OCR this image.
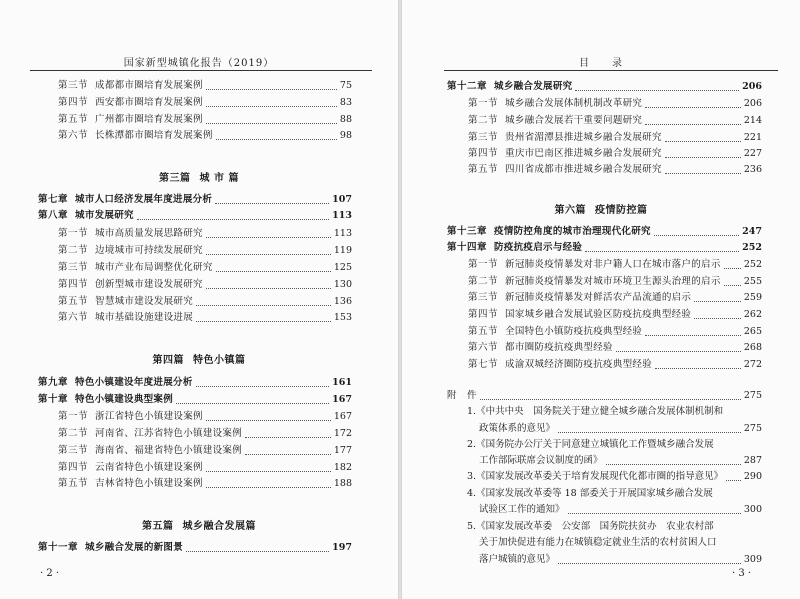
国家新型城镇化报告（2019）
第三节 成都都市圈培育发展案例	75
第四节 西安都市圈培育发展案例	83
第五节 广州都市圈培育发展案例	88
第六节 长株潭都市圈培育发展案例	98
第三篇 城 市 篇
第七章 城市人口经济发展年度进展分析	107
第八章 城市发展研究	113
第一节 城市高质量发展思路研究	113
第二节 边境城市可持续发展研究	119
第三节 城市产业布局调整优化研究	125
第四节 创新型城市建设发展研究	130
第五节 智慧城市建设发展研究	136
第六节 城市基础设施建设进展	153
第四篇 特色小镇篇
第九章 特色小镇建设年度进展分析	161
第十章 特色小镇建设典型案例	167
第一节 浙江省特色小镇建设案例	167
第二节 河南省、江苏省特色小镇建设案例	172
第三节 海南省、福建省特色小镇建设案例	177
第四节 云南省特色小镇建设案例	182
第五节 吉林省特色小镇建设案例	188
第五篇 城乡融合发展篇
第十一章 城乡融合发展的新图景	197
· 2 ·
目　　录
第十二章 城乡融合发展研究	206
第一节 城乡融合发展体制机制改革研究	206
第二节 城乡融合发展若干重要问题研究	214
第三节 贵州省湄潭县推进城乡融合发展研究	221
第四节 重庆市巴南区推进城乡融合发展研究	227
第五节 四川省成都市推进城乡融合发展研究	236
第六篇 疫情防控篇
第十三章 疫情防控角度的城市治理现代化研究	247
第十四章 防疫抗疫启示与经验	252
第一节 新冠肺炎疫情暴发对非户籍人口在城市落户的启示 252
第二节 新冠肺炎疫情暴发对城市环境卫生源头治理的启示 255
第三节 新冠肺炎疫情暴发对鲜活农产品流通的启示	259
第四节 国家城乡融合发展试验区防疫抗疫典型经验	262
第五节 全国特色小镇防疫抗疫典型经验	265
第六节 都市圈防疫抗疫典型经验	268
第七节 成渝双城经济圈防疫抗疫典型经验	272
附　件	275
1.《中共中央　国务院关于建立健全城乡融合发展体制机制和
政策体系的意见》	275
2.《国务院办公厅关于同意建立城镇化工作暨城乡融合发展
工作部际联席会议制度的函》	287
3.《国家发展改革委关于培育发展现代化都市圈的指导意见》 290
4.《国家发展改革委等 18 部委关于开展国家城乡融合发展
试验区工作的通知》	300
5.《国家发展改革委　公安部　国务院扶贫办　农业农村部
关于加快促进有能力在城镇稳定就业生活的农村贫困人口
落户城镇的意见》	309
· 3 ·
